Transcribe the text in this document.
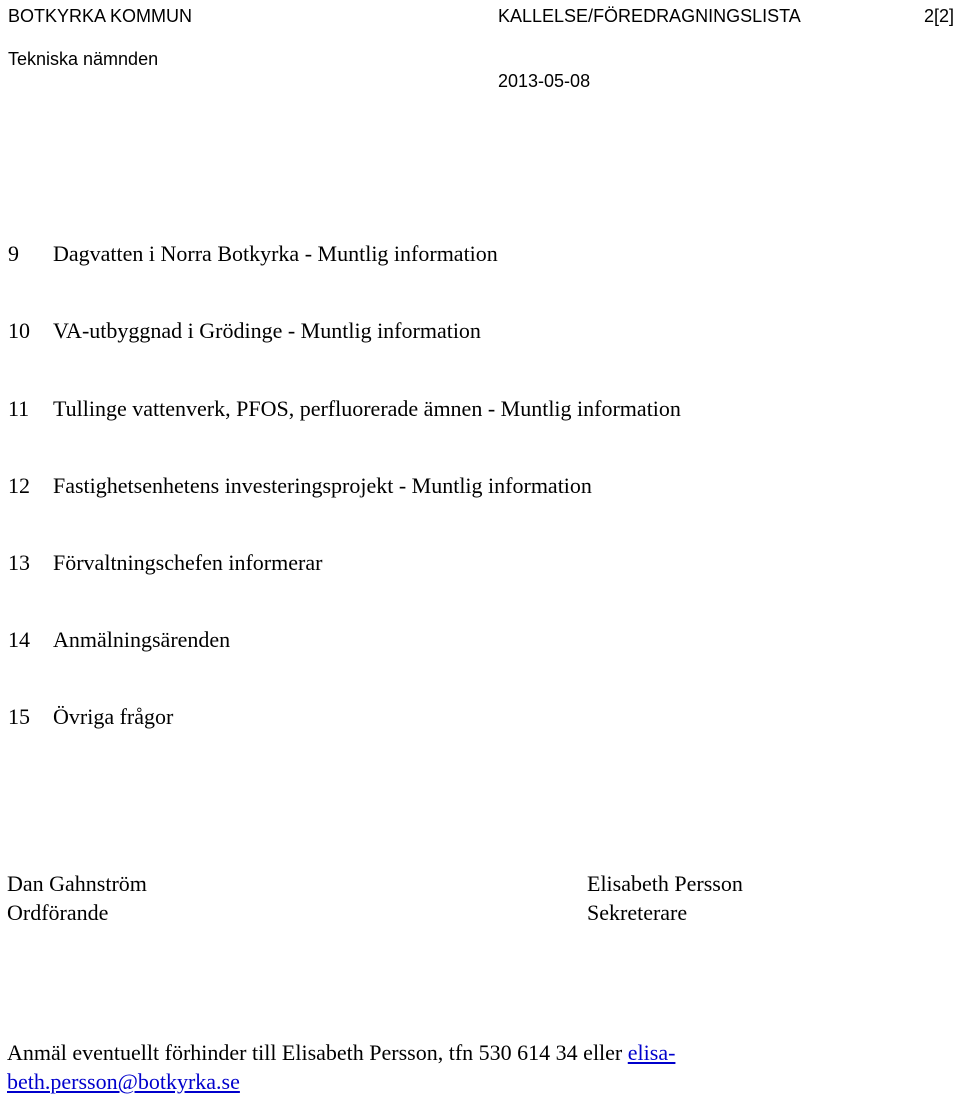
BOTKYRKA KOMMUN	KALLELSE/FÖREDRAGNINGSLISTA	2[2]
Tekniska nämnden
2013-05-08
9 Dagvatten i Norra Botkyrka - Muntlig information
10 VA-utbyggnad i Grödinge - Muntlig information
11 Tullinge vattenverk, PFOS, perfluorerade ämnen - Muntlig information
12 Fastighetsenhetens investeringsprojekt - Muntlig information
13 Förvaltningschefen informerar
14 Anmälningsärenden
15 Övriga frågor
Dan Gahnström
Ordförande
Elisabeth Persson
Sekreterare
Anmäl eventuellt förhinder till Elisabeth Persson, tfn 530 614 34 eller elisa-
beth.persson@botkyrka.se
